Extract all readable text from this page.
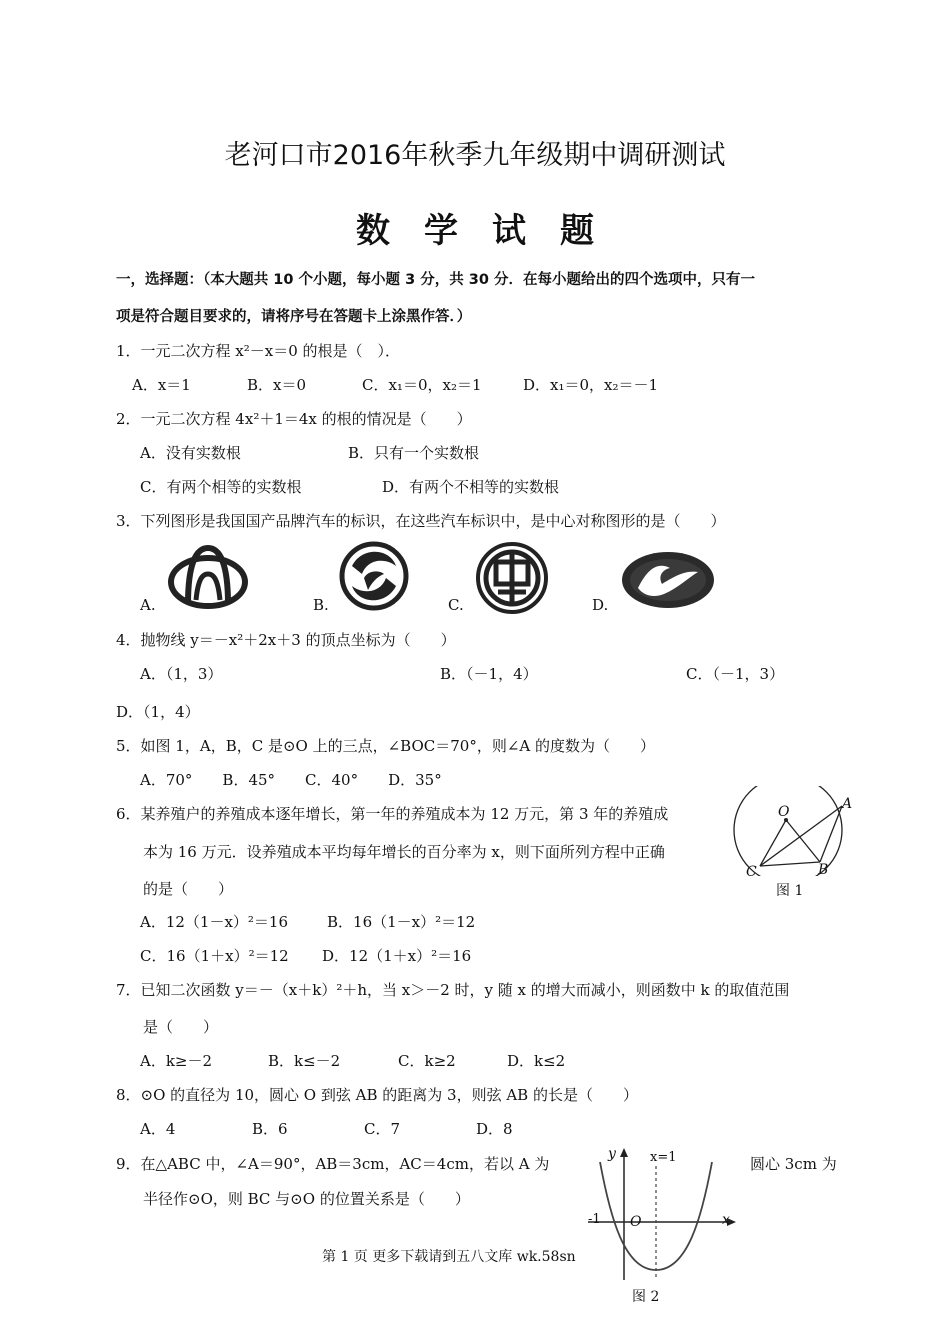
老河口市2016年秋季九年级期中调研测试
数学试题
一，选择题：（本大题共 10 个小题，每小题 3 分，共 30 分．在每小题给出的四个选项中，只有一
项是符合题目要求的，请将序号在答题卡上涂黑作答．）
1．一元二次方程 x²－x＝0 的根是（　）．
A．x＝1	B．x＝0	C．x₁＝0，x₂＝1	D．x₁＝0，x₂＝－1
2．一元二次方程 4x²＋1＝4x 的根的情况是（　　）
A．没有实数根	B．只有一个实数根
C．有两个相等的实数根	D．有两个不相等的实数根
3．下列图形是我国国产品牌汽车的标识，在这些汽车标识中，是中心对称图形的是（　　）
A.	B.	C.	D.
4．抛物线 y＝－x²＋2x＋3 的顶点坐标为（　　）
A．（1，3）	B．（－1，4）	C．（－1，3）
D．（1，4）
5．如图 1，A，B，C 是⊙O 上的三点，∠BOC＝70°，则∠A 的度数为（　　）
A．70°　　B．45°　　C．40°　　D．35°
6．某养殖户的养殖成本逐年增长，第一年的养殖成本为 12 万元，第 3 年的养殖成
本为 16 万元．设养殖成本平均每年增长的百分率为 x，则下面所列方程中正确
的是（　　）
A．12（1－x）²＝16	B．16（1－x）²＝12
C．16（1＋x）²＝12 D．12（1＋x）²＝16
O	A
B
C
图 1
7．已知二次函数 y＝－（x＋k）²＋h，当 x＞－2 时，y 随 x 的增大而减小，则函数中 k 的取值范围
是（　　）
A．k≥－2	B．k≤－2	C．k≥2	D．k≤2
8．⊙O 的直径为 10，圆心 O 到弦 AB 的距离为 3，则弦 AB 的长是（　　）
A．4	B．6	C．7	D．8
9．在△ABC 中，∠A＝90°，AB＝3cm，AC＝4cm，若以 A 为	圆心 3cm 为
半径作⊙O，则 BC 与⊙O 的位置关系是（　　）
y	x=1
-1 O	x
图 2
第 1 页 更多下载请到五八文库 wk.58sn
